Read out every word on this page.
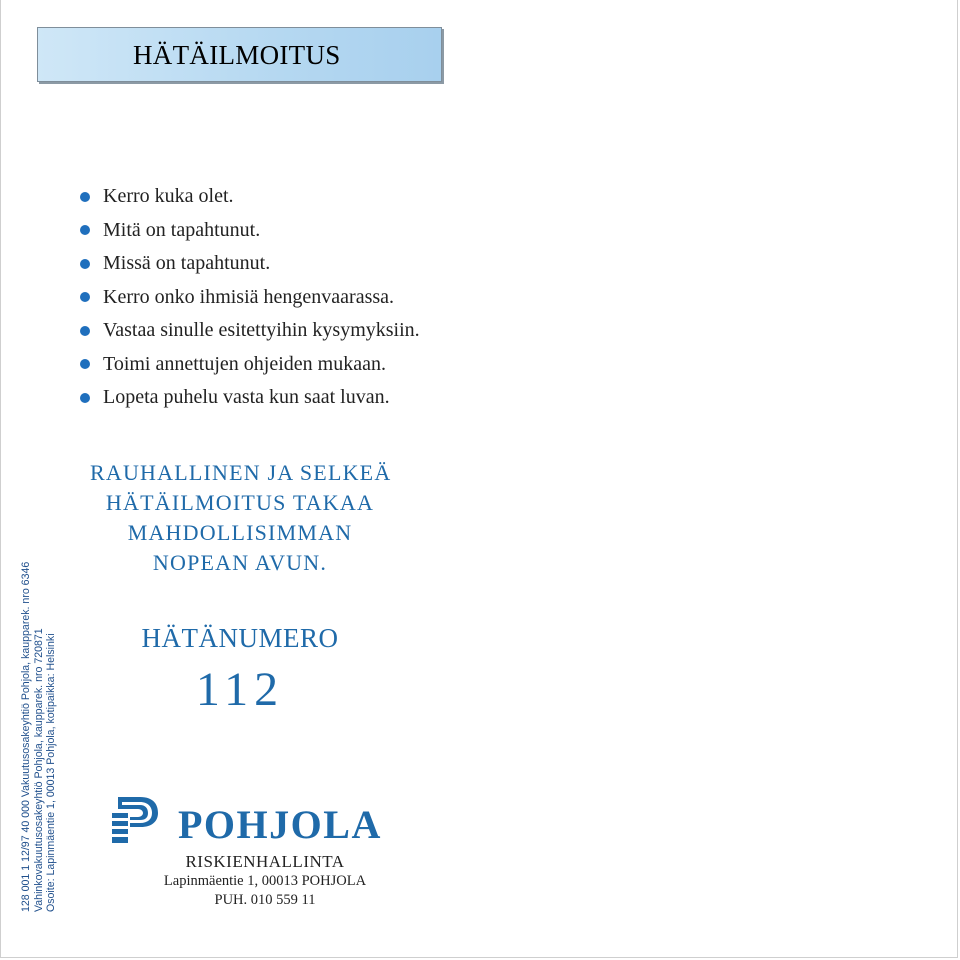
HÄTÄILMOITUS
Kerro kuka olet.
Mitä on tapahtunut.
Missä on tapahtunut.
Kerro onko ihmisiä hengenvaarassa.
Vastaa sinulle esitettyihin kysymyksiin.
Toimi annettujen ohjeiden mukaan.
Lopeta puhelu vasta kun saat luvan.
RAUHALLINEN JA SELKEÄ
HÄTÄILMOITUS TAKAA
MAHDOLLISIMMAN
NOPEAN AVUN.
HÄTÄNUMERO
112
128 001 1 12/97 40 000 Vakuutusosakeyhtiö Pohjola, kaupparek. nro 6346 Vahinkovakuutusosakeyhtiö Pohjola, kaupparek. nro 720871 Osoite: Lapinmäentie 1, 00013 Pohjola, kotipaikka: Helsinki	POHJOLA
RISKIENHALLINTA
Lapinmäentie 1, 00013 POHJOLA
PUH. 010 559 11
